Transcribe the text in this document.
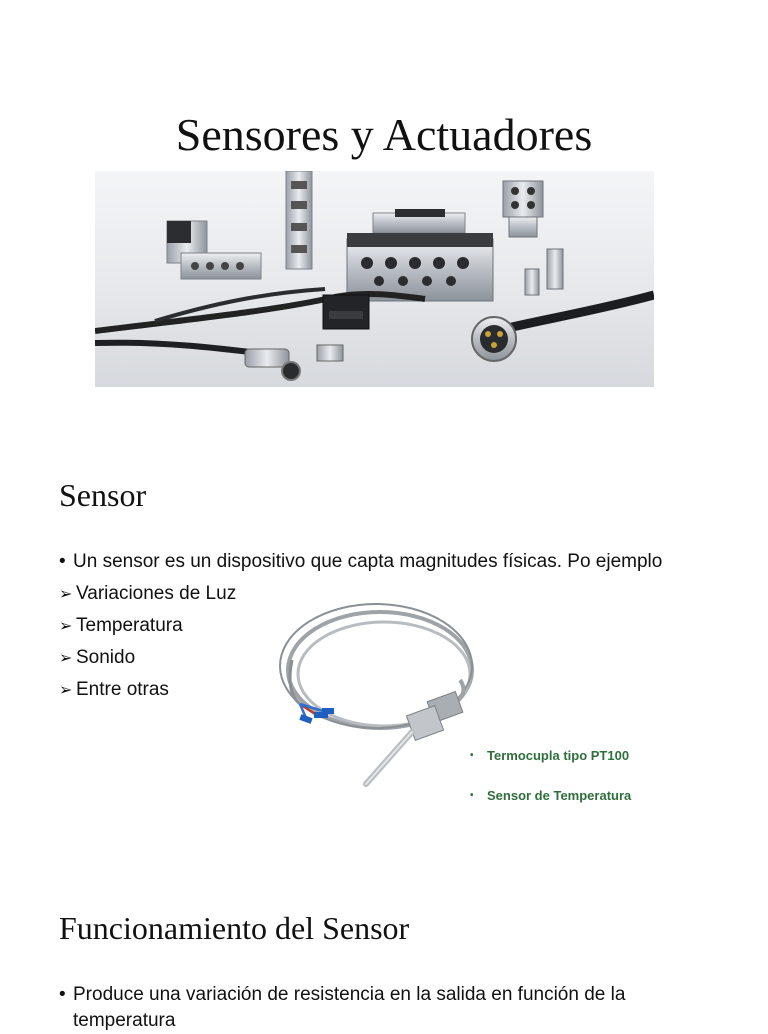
Sensores y Actuadores
Sensor
• Un sensor es un dispositivo que capta magnitudes físicas. Po ejemplo
➢ Variaciones de Luz
➢ Temperatura
➢ Sonido
➢ Entre otras
• Termocupla tipo PT100
• Sensor de Temperatura
Funcionamiento del Sensor
• Produce una variación de resistencia en la salida en función de la temperatura
